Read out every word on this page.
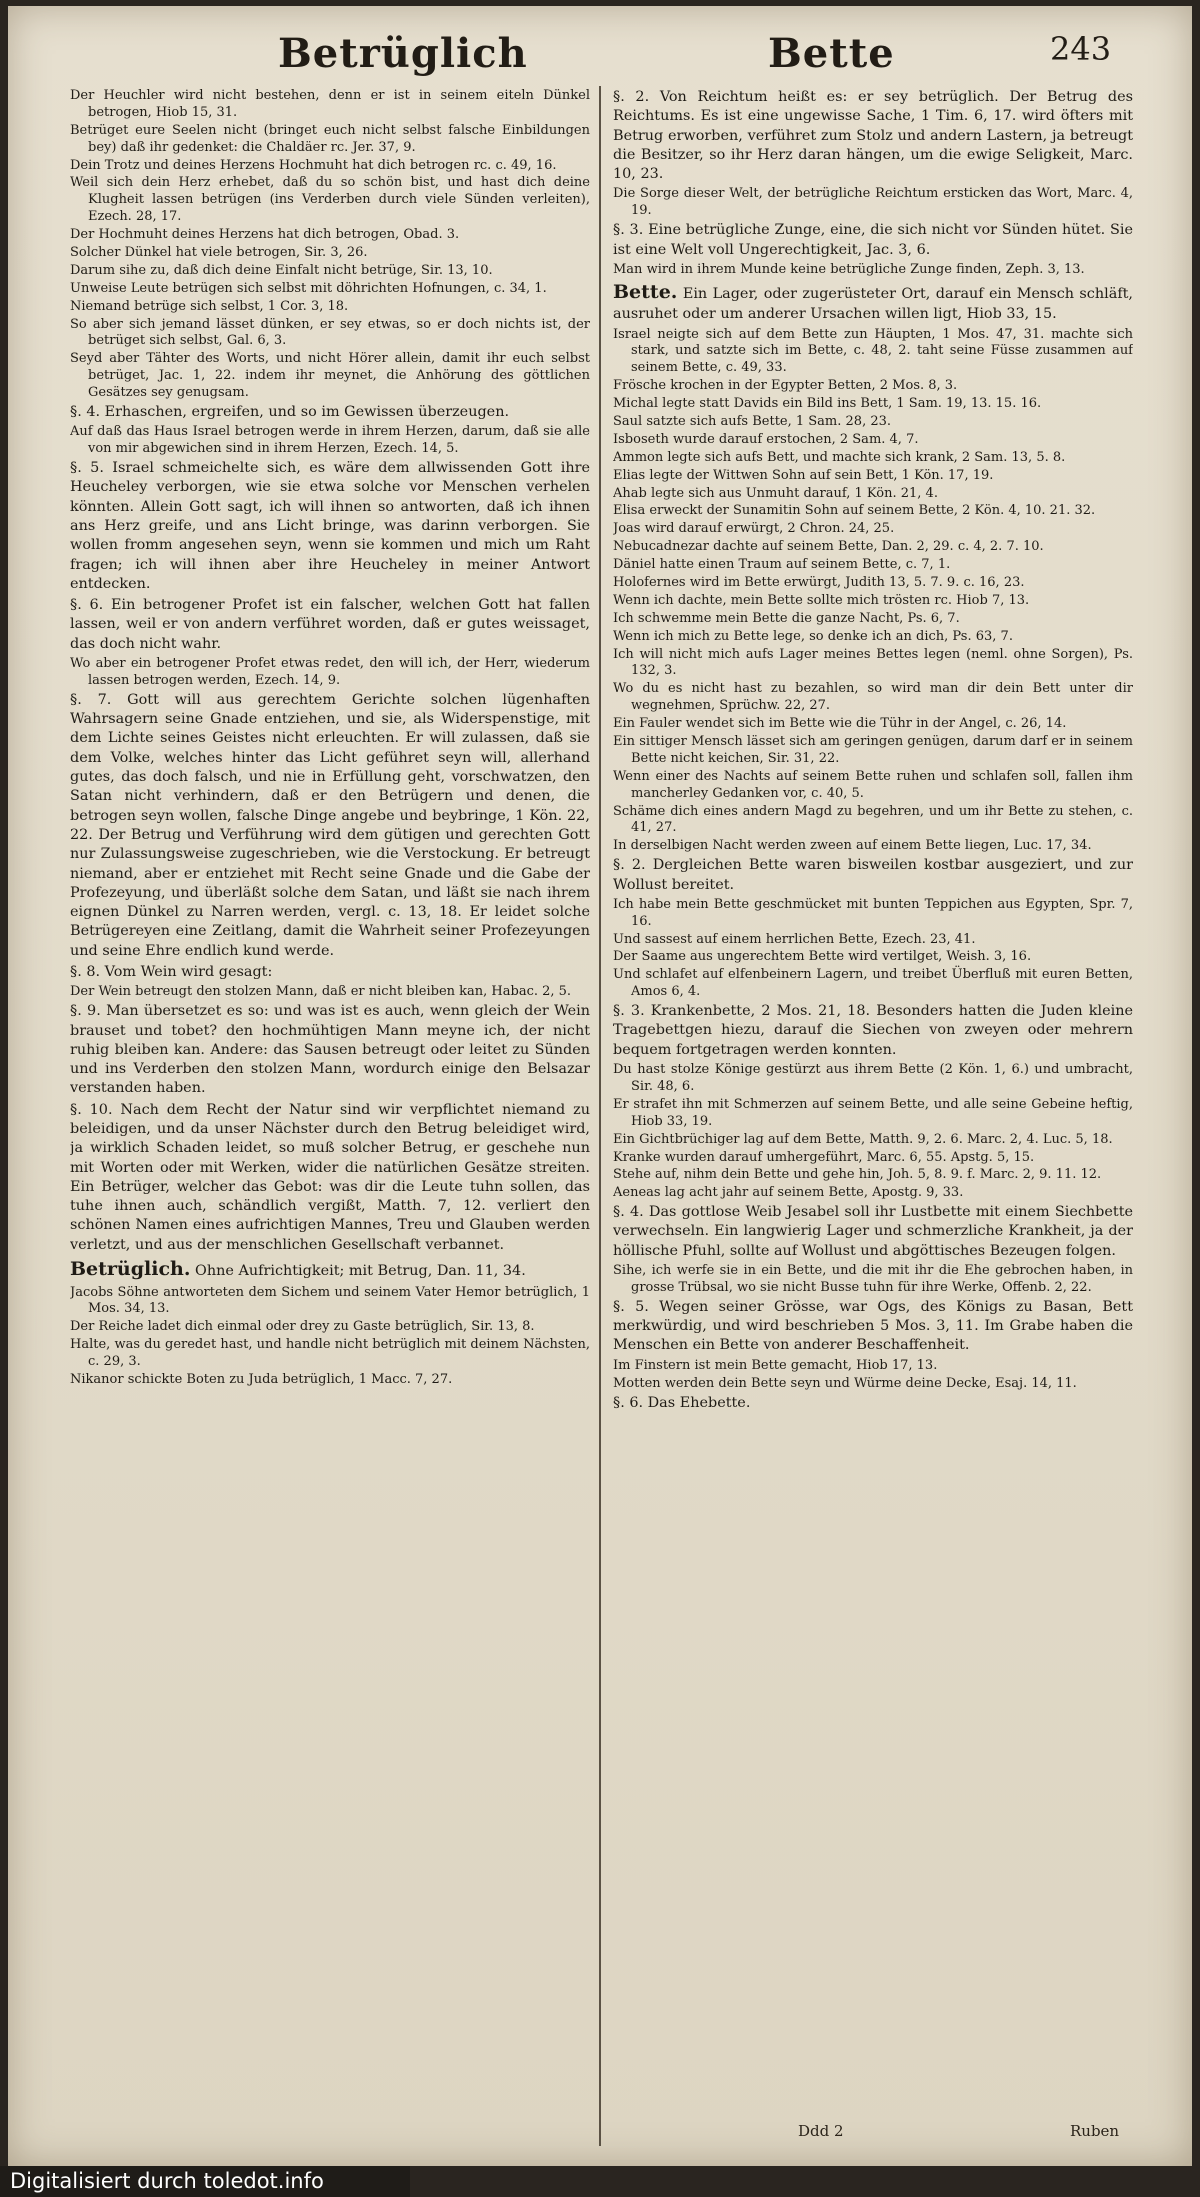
Betrüglich	Bette	243
Der Heuchler wird nicht bestehen, denn er ist in seinem eiteln Dünkel betrogen, Hiob 15, 31.
Betrüget eure Seelen nicht (bringet euch nicht selbst falsche Einbildungen bey) daß ihr gedenket: die Chaldäer rc. Jer. 37, 9.
Dein Trotz und deines Herzens Hochmuht hat dich betrogen rc. c. 49, 16.
Weil sich dein Herz erhebet, daß du so schön bist, und hast dich deine Klugheit lassen betrügen (ins Verderben durch viele Sünden verleiten), Ezech. 28, 17.
Der Hochmuht deines Herzens hat dich betrogen, Obad. 3.
Solcher Dünkel hat viele betrogen, Sir. 3, 26.
Darum sihe zu, daß dich deine Einfalt nicht betrüge, Sir. 13, 10.
Unweise Leute betrügen sich selbst mit döhrichten Hofnungen, c. 34, 1.
Niemand betrüge sich selbst, 1 Cor. 3, 18.
So aber sich jemand lässet dünken, er sey etwas, so er doch nichts ist, der betrüget sich selbst, Gal. 6, 3.
Seyd aber Tähter des Worts, und nicht Hörer allein, damit ihr euch selbst betrüget, Jac. 1, 22. indem ihr meynet, die Anhörung des göttlichen Gesätzes sey genugsam.
§. 4. Erhaschen, ergreifen, und so im Gewissen überzeugen.
Auf daß das Haus Israel betrogen werde in ihrem Herzen, darum, daß sie alle von mir abgewichen sind in ihrem Herzen, Ezech. 14, 5.
§. 5. Israel schmeichelte sich, es wäre dem allwissenden Gott ihre Heucheley verborgen, wie sie etwa solche vor Menschen verhelen könnten. Allein Gott sagt, ich will ihnen so antworten, daß ich ihnen ans Herz greife, und ans Licht bringe, was darinn verborgen. Sie wollen fromm angesehen seyn, wenn sie kommen und mich um Raht fragen; ich will ihnen aber ihre Heucheley in meiner Antwort entdecken.
§. 6. Ein betrogener Profet ist ein falscher, welchen Gott hat fallen lassen, weil er von andern verführet worden, daß er gutes weissaget, das doch nicht wahr.
Wo aber ein betrogener Profet etwas redet, den will ich, der Herr, wiederum lassen betrogen werden, Ezech. 14, 9.
§. 7. Gott will aus gerechtem Gerichte solchen lügenhaften Wahrsagern seine Gnade entziehen, und sie, als Widerspenstige, mit dem Lichte seines Geistes nicht erleuchten. Er will zulassen, daß sie dem Volke, welches hinter das Licht geführet seyn will, allerhand gutes, das doch falsch, und nie in Erfüllung geht, vorschwatzen, den Satan nicht verhindern, daß er den Betrügern und denen, die betrogen seyn wollen, falsche Dinge angebe und beybringe, 1 Kön. 22, 22. Der Betrug und Verführung wird dem gütigen und gerechten Gott nur Zulassungsweise zugeschrieben, wie die Verstockung. Er betreugt niemand, aber er entziehet mit Recht seine Gnade und die Gabe der Profezeyung, und überläßt solche dem Satan, und läßt sie nach ihrem eignen Dünkel zu Narren werden, vergl. c. 13, 18. Er leidet solche Betrügereyen eine Zeitlang, damit die Wahrheit seiner Profezeyungen und seine Ehre endlich kund werde.
§. 8. Vom Wein wird gesagt:
Der Wein betreugt den stolzen Mann, daß er nicht bleiben kan, Habac. 2, 5.
§. 9. Man übersetzet es so: und was ist es auch, wenn gleich der Wein brauset und tobet? den hochmühtigen Mann meyne ich, der nicht ruhig bleiben kan. Andere: das Sausen betreugt oder leitet zu Sünden und ins Verderben den stolzen Mann, wordurch einige den Belsazar verstanden haben.
§. 10. Nach dem Recht der Natur sind wir verpflichtet niemand zu beleidigen, und da unser Nächster durch den Betrug beleidiget wird, ja wirklich Schaden leidet, so muß solcher Betrug, er geschehe nun mit Worten oder mit Werken, wider die natürlichen Gesätze streiten. Ein Betrüger, welcher das Gebot: was dir die Leute tuhn sollen, das tuhe ihnen auch, schändlich vergißt, Matth. 7, 12. verliert den schönen Namen eines aufrichtigen Mannes, Treu und Glauben werden verletzt, und aus der menschlichen Gesellschaft verbannet.
Betrüglich. Ohne Aufrichtigkeit; mit Betrug, Dan. 11, 34.
Jacobs Söhne antworteten dem Sichem und seinem Vater Hemor betrüglich, 1 Mos. 34, 13.
Der Reiche ladet dich einmal oder drey zu Gaste betrüglich, Sir. 13, 8.
Halte, was du geredet hast, und handle nicht betrüglich mit deinem Nächsten, c. 29, 3.
Nikanor schickte Boten zu Juda betrüglich, 1 Macc. 7, 27.
§. 2. Von Reichtum heißt es: er sey betrüglich. Der Betrug des Reichtums. Es ist eine ungewisse Sache, 1 Tim. 6, 17. wird öfters mit Betrug erworben, verführet zum Stolz und andern Lastern, ja betreugt die Besitzer, so ihr Herz daran hängen, um die ewige Seligkeit, Marc. 10, 23.
Die Sorge dieser Welt, der betrügliche Reichtum ersticken das Wort, Marc. 4, 19.
§. 3. Eine betrügliche Zunge, eine, die sich nicht vor Sünden hütet. Sie ist eine Welt voll Ungerechtigkeit, Jac. 3, 6.
Man wird in ihrem Munde keine betrügliche Zunge finden, Zeph. 3, 13.
Bette. Ein Lager, oder zugerüsteter Ort, darauf ein Mensch schläft, ausruhet oder um anderer Ursachen willen ligt, Hiob 33, 15.
Israel neigte sich auf dem Bette zun Häupten, 1 Mos. 47, 31. machte sich stark, und satzte sich im Bette, c. 48, 2. taht seine Füsse zusammen auf seinem Bette, c. 49, 33.
Frösche krochen in der Egypter Betten, 2 Mos. 8, 3.
Michal legte statt Davids ein Bild ins Bett, 1 Sam. 19, 13. 15. 16.
Saul satzte sich aufs Bette, 1 Sam. 28, 23.
Isboseth wurde darauf erstochen, 2 Sam. 4, 7.
Ammon legte sich aufs Bett, und machte sich krank, 2 Sam. 13, 5. 8.
Elias legte der Wittwen Sohn auf sein Bett, 1 Kön. 17, 19.
Ahab legte sich aus Unmuht darauf, 1 Kön. 21, 4.
Elisa erweckt der Sunamitin Sohn auf seinem Bette, 2 Kön. 4, 10. 21. 32.
Joas wird darauf erwürgt, 2 Chron. 24, 25.
Nebucadnezar dachte auf seinem Bette, Dan. 2, 29. c. 4, 2. 7. 10.
Däniel hatte einen Traum auf seinem Bette, c. 7, 1.
Holofernes wird im Bette erwürgt, Judith 13, 5. 7. 9. c. 16, 23.
Wenn ich dachte, mein Bette sollte mich trösten rc. Hiob 7, 13.
Ich schwemme mein Bette die ganze Nacht, Ps. 6, 7.
Wenn ich mich zu Bette lege, so denke ich an dich, Ps. 63, 7.
Ich will nicht mich aufs Lager meines Bettes legen (neml. ohne Sorgen), Ps. 132, 3.
Wo du es nicht hast zu bezahlen, so wird man dir dein Bett unter dir wegnehmen, Sprüchw. 22, 27.
Ein Fauler wendet sich im Bette wie die Tühr in der Angel, c. 26, 14.
Ein sittiger Mensch lässet sich am geringen genügen, darum darf er in seinem Bette nicht keichen, Sir. 31, 22.
Wenn einer des Nachts auf seinem Bette ruhen und schlafen soll, fallen ihm mancherley Gedanken vor, c. 40, 5.
Schäme dich eines andern Magd zu begehren, und um ihr Bette zu stehen, c. 41, 27.
In derselbigen Nacht werden zween auf einem Bette liegen, Luc. 17, 34.
§. 2. Dergleichen Bette waren bisweilen kostbar ausgeziert, und zur Wollust bereitet.
Ich habe mein Bette geschmücket mit bunten Teppichen aus Egypten, Spr. 7, 16.
Und sassest auf einem herrlichen Bette, Ezech. 23, 41.
Der Saame aus ungerechtem Bette wird vertilget, Weish. 3, 16.
Und schlafet auf elfenbeinern Lagern, und treibet Überfluß mit euren Betten, Amos 6, 4.
§. 3. Krankenbette, 2 Mos. 21, 18. Besonders hatten die Juden kleine Tragebettgen hiezu, darauf die Siechen von zweyen oder mehrern bequem fortgetragen werden konnten.
Du hast stolze Könige gestürzt aus ihrem Bette (2 Kön. 1, 6.) und umbracht, Sir. 48, 6.
Er strafet ihn mit Schmerzen auf seinem Bette, und alle seine Gebeine heftig, Hiob 33, 19.
Ein Gichtbrüchiger lag auf dem Bette, Matth. 9, 2. 6. Marc. 2, 4. Luc. 5, 18.
Kranke wurden darauf umhergeführt, Marc. 6, 55. Apstg. 5, 15.
Stehe auf, nihm dein Bette und gehe hin, Joh. 5, 8. 9. f. Marc. 2, 9. 11. 12.
Aeneas lag acht jahr auf seinem Bette, Apostg. 9, 33.
§. 4. Das gottlose Weib Jesabel soll ihr Lustbette mit einem Siechbette verwechseln. Ein langwierig Lager und schmerzliche Krankheit, ja der höllische Pfuhl, sollte auf Wollust und abgöttisches Bezeugen folgen.
Sihe, ich werfe sie in ein Bette, und die mit ihr die Ehe gebrochen haben, in grosse Trübsal, wo sie nicht Busse tuhn für ihre Werke, Offenb. 2, 22.
§. 5. Wegen seiner Grösse, war Ogs, des Königs zu Basan, Bett merkwürdig, und wird beschrieben 5 Mos. 3, 11. Im Grabe haben die Menschen ein Bette von anderer Beschaffenheit.
Im Finstern ist mein Bette gemacht, Hiob 17, 13.
Motten werden dein Bette seyn und Würme deine Decke, Esaj. 14, 11.
§. 6. Das Ehebette.
Ddd 2	Ruben
Digitalisiert durch toledot.info
